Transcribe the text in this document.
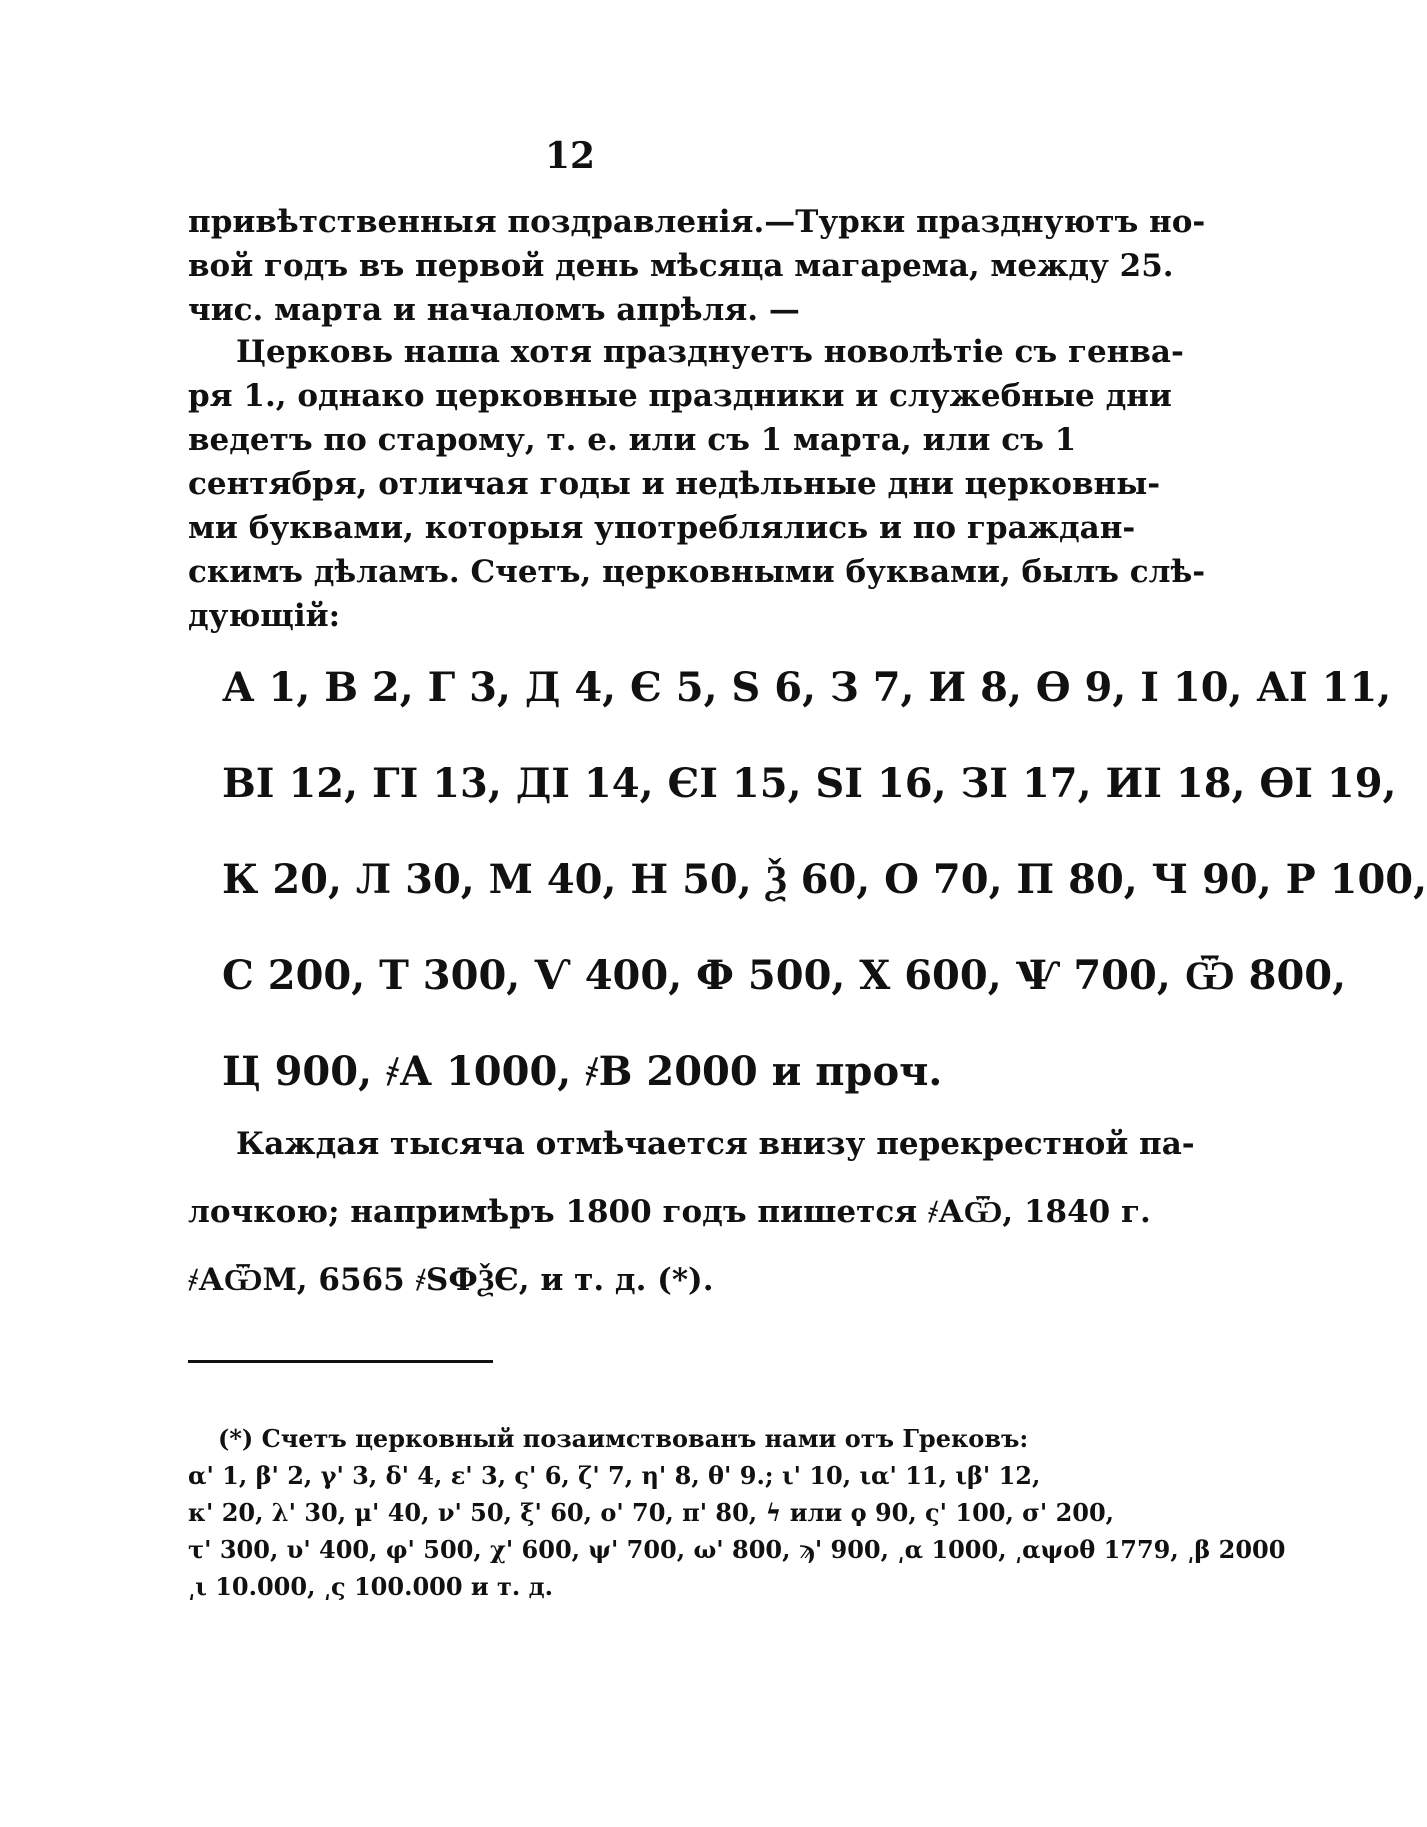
12
привѣтственныя поздравленія.—Турки празднуютъ но-
вой годъ въ первой день мѣсяца магарема, между 25.
чис. марта и началомъ апрѣля. —
Церковь наша хотя празднуетъ новолѣтіе съ генва-
ря 1., однако церковные праздники и служебные дни
ведетъ по старому, т. е. или съ 1 марта, или съ 1
сентября, отличая годы и недѣльные дни церковны-
ми буквами, которыя употреблялись и по граждан-
скимъ дѣламъ. Счетъ, церковными буквами, былъ слѣ-
дующій:
А 1, В 2, Г 3, Д 4, Є 5, Ѕ 6, З 7, И 8, Ѳ 9, І 10, АІ 11,
ВІ 12, ГІ 13, ДІ 14, ЄІ 15, ЅІ 16, ЗІ 17, ИІ 18, ѲІ 19,
К 20, Л 30, М 40, Н 50, Ѯ 60, О 70, П 80, Ч 90, Р 100,
С 200, Т 300, Ѵ 400, Ф 500, Х 600, Ѱ 700, Ѿ 800,
Ц 900, ҂А 1000, ҂В 2000 и проч.
Каждая тысяча отмѣчается внизу перекрестной па-
лочкою; напримѣръ 1800 годъ пишется ҂АѾ, 1840 г.
҂АѾМ, 6565 ҂ЅФѮЄ, и т. д. (*).
(*) Счетъ церковный позаимствованъ нами отъ Грековъ:
α' 1, β' 2, γ' 3, δ' 4, ε' 3, ς' 6, ζ' 7, η' 8, θ' 9.; ι' 10, ια' 11, ιβ' 12,
κ' 20, λ' 30, μ' 40, ν' 50, ξ' 60, ο' 70, π' 80, ϟ или ϙ 90, ς' 100, σ' 200,
τ' 300, υ' 400, φ' 500, χ' 600, ψ' 700, ω' 800, ϡ' 900, ͵α 1000, ͵αψοθ 1779, ͵β 2000
͵ι 10.000, ͵ς 100.000 и т. д.
